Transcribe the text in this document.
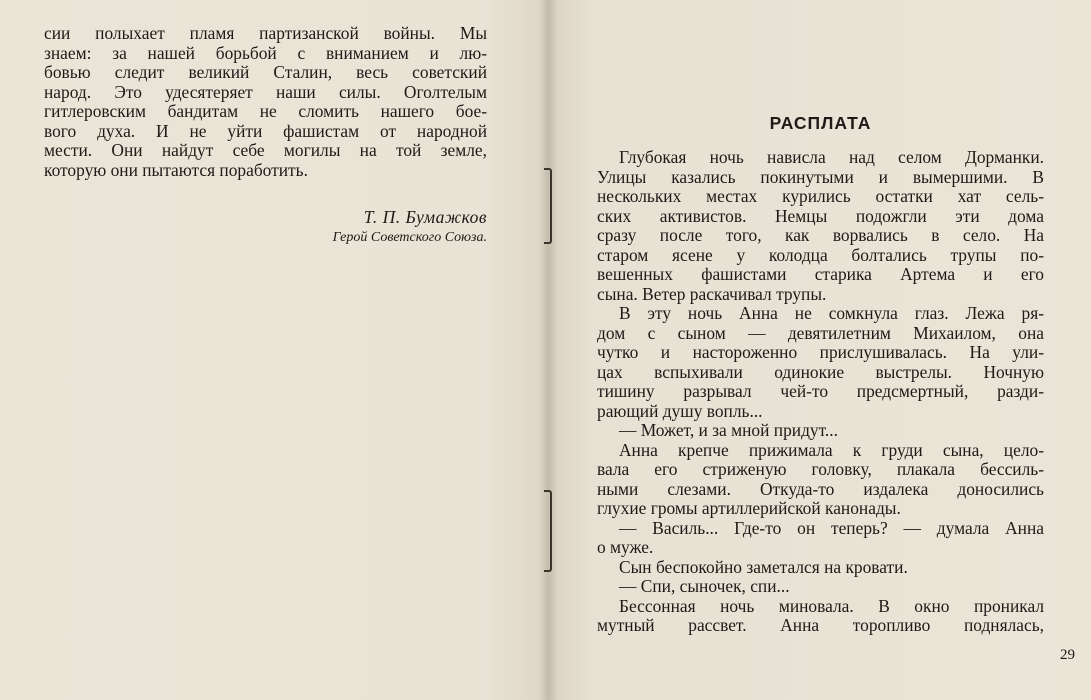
сии полыхает пламя партизанской войны. Мы
знаем: за нашей борьбой с вниманием и лю-
бовью следит великий Сталин, весь советский
народ. Это удесятеряет наши силы. Оголтелым
гитлеровским бандитам не сломить нашего бое-
вого духа. И не уйти фашистам от народной
мести. Они найдут себе могилы на той земле,
которую они пытаются поработить.
Т. П. Бумажков
Герой Советского Союза.
РАСПЛАТА
Глубокая ночь нависла над селом Дорманки.
Улицы казались покинутыми и вымершими. В
нескольких местах курились остатки хат сель-
ских активистов. Немцы подожгли эти дома
сразу после того, как ворвались в село. На
старом ясене у колодца болтались трупы по-
вешенных фашистами старика Артема и его
сына. Ветер раскачивал трупы.
В эту ночь Анна не сомкнула глаз. Лежа ря-
дом с сыном — девятилетним Михаилом, она
чутко и настороженно прислушивалась. На ули-
цах вспыхивали одинокие выстрелы. Ночную
тишину разрывал чей-то предсмертный, разди-
рающий душу вопль...
— Может, и за мной придут...
Анна крепче прижимала к груди сына, цело-
вала его стриженую головку, плакала бессиль-
ными слезами. Откуда-то издалека доносились
глухие громы артиллерийской канонады.
— Василь... Где-то он теперь? — думала Анна
о муже.
Сын беспокойно заметался на кровати.
— Спи, сыночек, спи...
Бессонная ночь миновала. В окно проникал
мутный рассвет. Анна торопливо поднялась,
29
